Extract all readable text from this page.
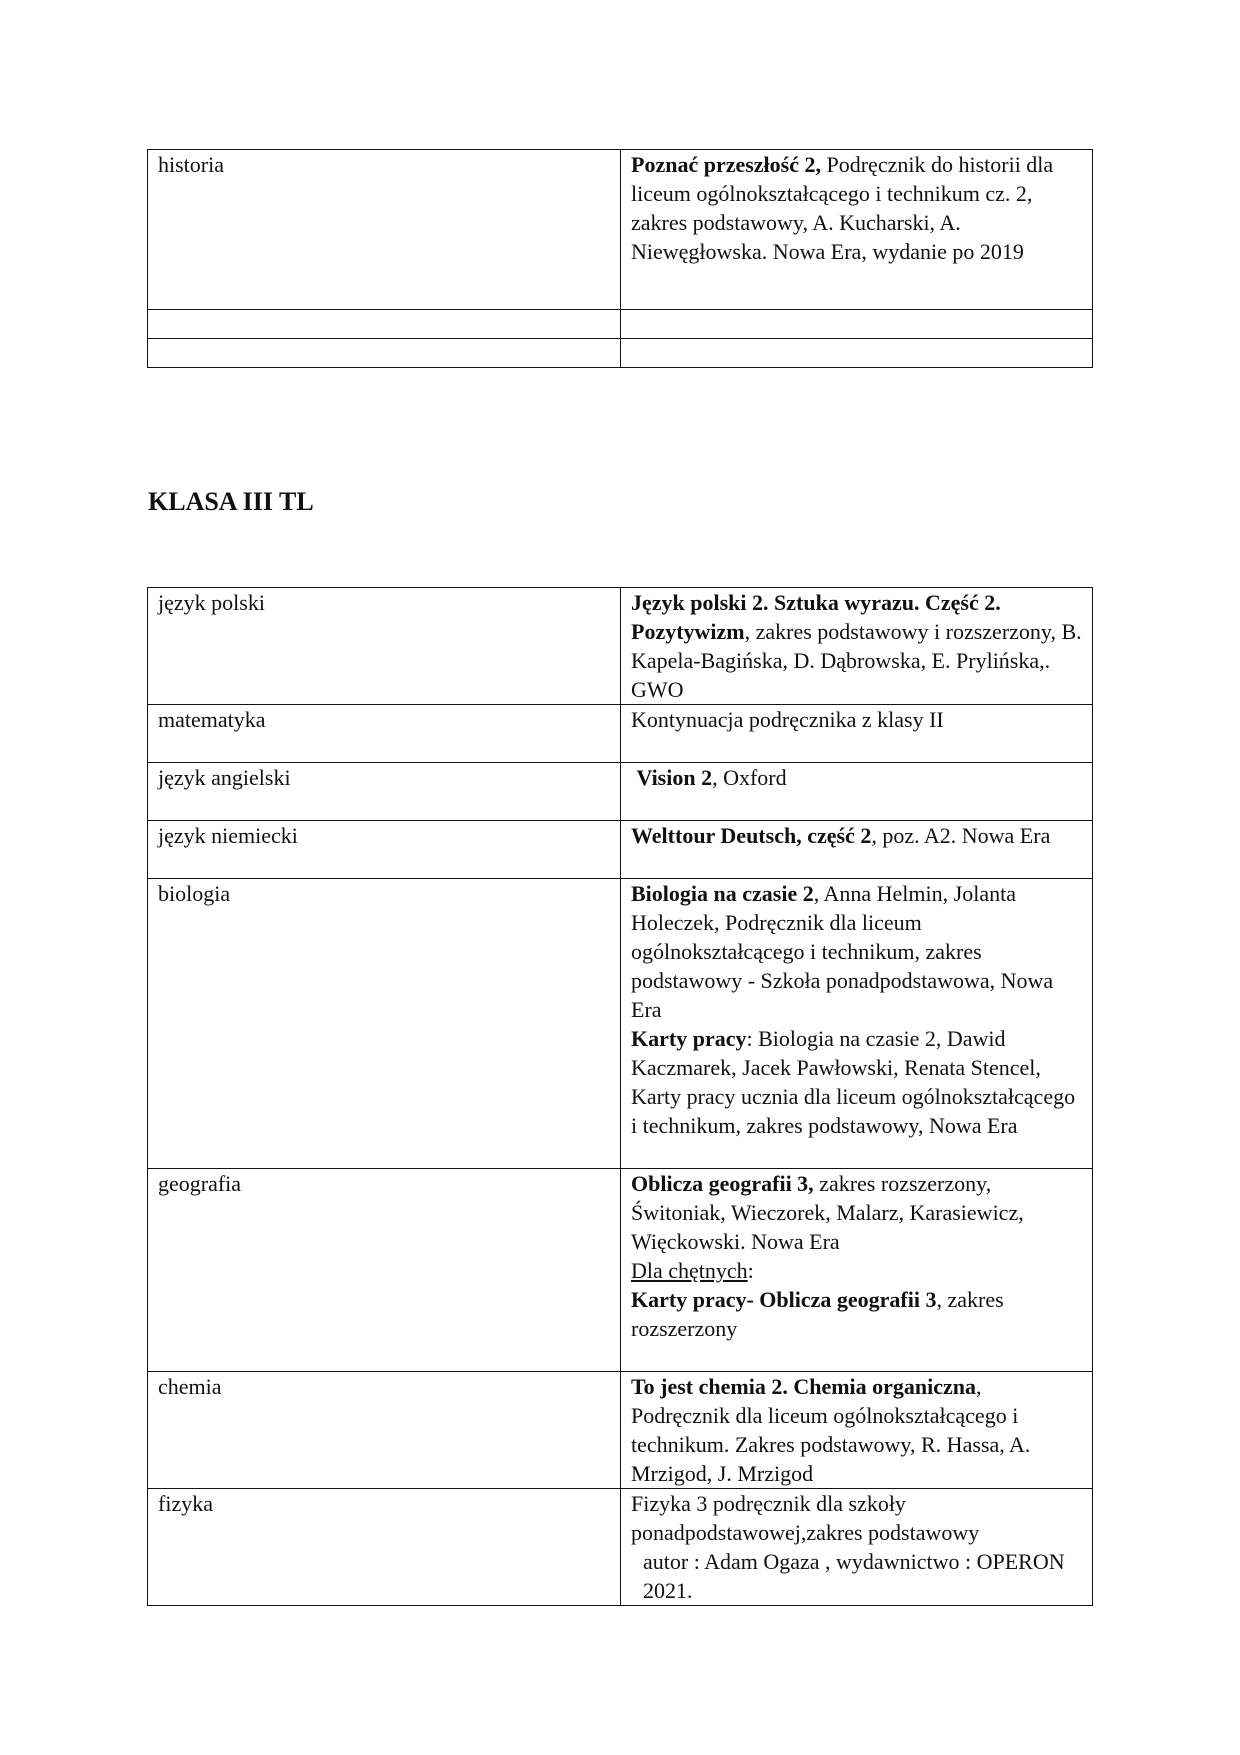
historia	Poznać przeszłość 2, Podręcznik do historii dla liceum ogólnokształcącego i technikum cz. 2, zakres podstawowy, A. Kucharski, A. Niewęgłowska. Nowa Era, wydanie po 2019

KLASA III TL
język polski	Język polski 2. Sztuka wyrazu. Część 2. Pozytywizm, zakres podstawowy i rozszerzony, B. Kapela-Bagińska, D. Dąbrowska, E. Prylińska,. GWO
matematyka	Kontynuacja podręcznika z klasy II
język angielski	Vision 2, Oxford
język niemiecki	Welttour Deutsch, część 2, poz. A2. Nowa Era
biologia	Biologia na czasie 2, Anna Helmin, Jolanta Holeczek, Podręcznik dla liceum ogólnokształcącego i technikum, zakres podstawowy - Szkoła ponadpodstawowa, Nowa Era
Karty pracy: Biologia na czasie 2, Dawid Kaczmarek, Jacek Pawłowski, Renata Stencel, Karty pracy ucznia dla liceum ogólnokształcącego i technikum, zakres podstawowy, Nowa Era

geografia	Oblicza geografii 3, zakres rozszerzony, Świtoniak, Wieczorek, Malarz, Karasiewicz, Więckowski. Nowa Era
Dla chętnych:
Karty pracy- Oblicza geografii 3, zakres rozszerzony

chemia	To jest chemia 2. Chemia organiczna, Podręcznik dla liceum ogólnokształcącego i technikum. Zakres podstawowy, R. Hassa, A. Mrzigod, J. Mrzigod
fizyka	Fizyka 3 podręcznik dla szkoły ponadpodstawowej,zakres podstawowy
autor : Adam Ogaza , wydawnictwo : OPERON 2021.
